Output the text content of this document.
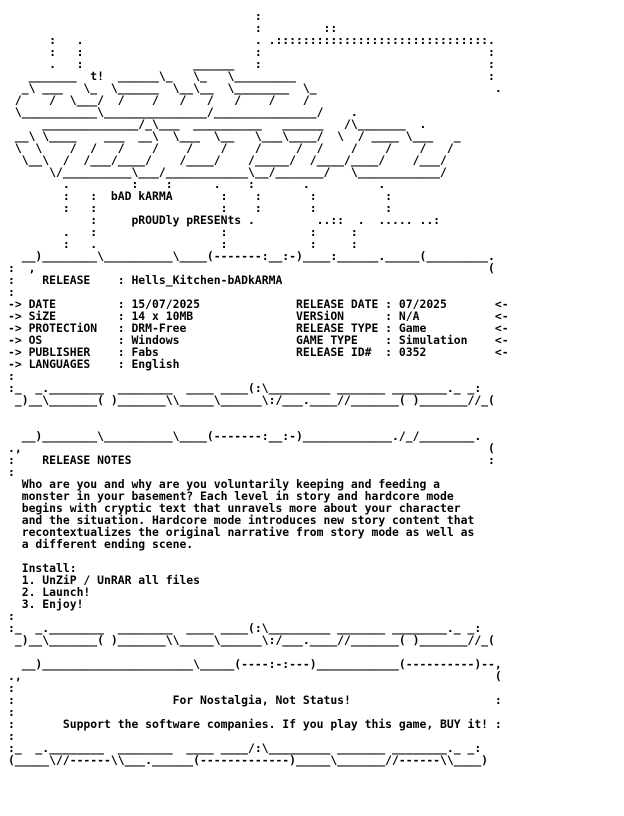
:
:         ::
:   .                         . .:::::::::::::::::::::::::::::::.
:   :                         :                                 :
.   :                ______   :                                 :
_______  t!  ______\_   \_   \_________                            :
_\ ___   \_  \______  \__\__  \________  \_                          .
/    /  \___/  /    /   /   /   /    /    /
\___________\_______________/_______________/    .
______________/_\___  __________   ______   /\_______  .
__\ \____    ___  __\  \___  \__   \___\____/  \  / ____ \___   _
\  \    /  /   /    /    /    /    /     /  /    /    /    /   /
\__\  /  /___/____/    /____/    /_____/  /____/____/    /___/
\/__________\___/____________\__/_______/   \____________/
.         :    :      .    :       .          .
:   :  bAD kARMA       :    :       :          :
:   :                  :    :       :          :
:     pROUDly pRESENts .         ..::  .  ..... ..:
.   :                  :            :     :
:   .                  :            :     :
__)________\__________\____(-------:__:-)____:______._____(_________.
:  ,                                                                  (
:    RELEASE    : Hells_Kitchen-bADkARMA
:
-> DATE         : 15/07/2025              RELEASE DATE : 07/2025       <-
-> SiZE         : 14 x 10MB               VERSiON      : N/A           <-
-> PROTECTiON   : DRM-Free                RELEASE TYPE : Game          <-
-> OS           : Windows                 GAME TYPE    : Simulation    <-
-> PUBLISHER    : Fabs                    RELEASE ID#  : 0352          <-
-> LANGUAGES    : English
:
:_  _.________  ________  ____ ____(:\_________ _______ ________._ _:
_)__\_______( )_______\\_____\______\:/___.____//_______( )_______//_(
__)________\__________\____(-------:__:-)_____________./_/________.
.,                                                                    (
:    RELEASE NOTES                                                    :
:
Who are you and why are you voluntarily keeping and feeding a
monster in your basement? Each level in story and hardcore mode
begins with cryptic text that unravels more about your character
and the situation. Hardcore mode introduces new story content that
recontextualizes the original narrative from story mode as well as
a different ending scene.
Install:
1. UnZiP / UnRAR all files
2. Launch!
3. Enjoy!
:
:_  _.________  ________  ____ ____(:\_________ _______ ________._ _:
_)__\_______( )_______\\_____\______\:/___.____//_______( )_______//_(
__)______________________\_____(----:-:---)____________(----------)--,
.,                                                                     (
:
:                       For Nostalgia, Not Status!                     :
:
:       Support the software companies. If you play this game, BUY it! :
:
:_  _.________  ________  ____ ____/:\_________ _______ ________._ _:
(_____\//------\\___.______(-------------)_____\_______//------\\____)
